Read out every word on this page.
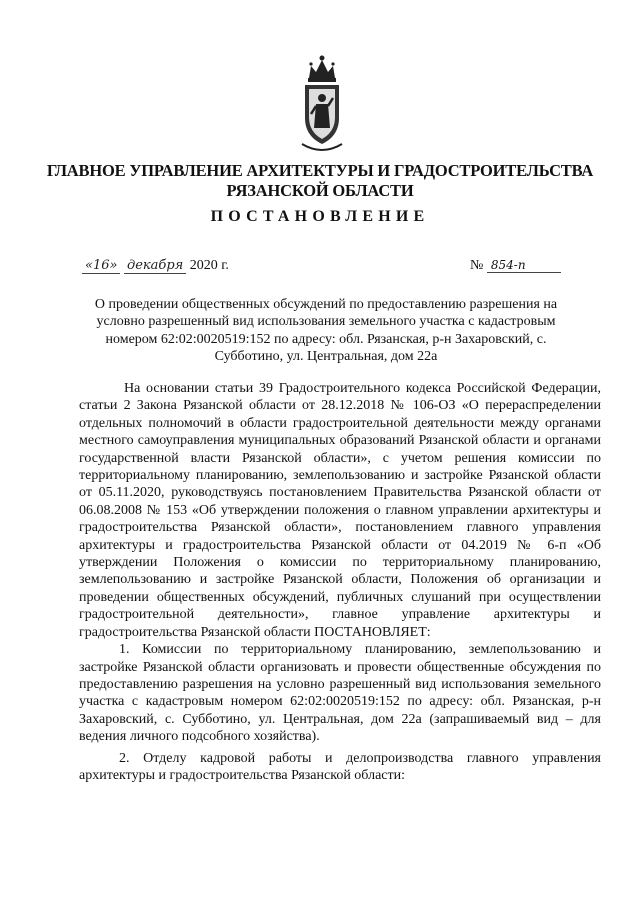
ГЛАВНОЕ УПРАВЛЕНИЕ АРХИТЕКТУРЫ И ГРАДОСТРОИТЕЛЬСТВА
РЯЗАНСКОЙ ОБЛАСТИ
ПОСТАНОВЛЕНИЕ
«16» декабря 2020 г.	№ 854-п
О проведении общественных обсуждений по предоставлению разрешения на условно разрешенный вид использования земельного участка с кадастровым номером 62:02:0020519:152 по адресу: обл. Рязанская, р-н Захаровский, с. Субботино, ул. Центральная, дом 22а

На основании статьи 39 Градостроительного кодекса Российской Федерации, статьи 2 Закона Рязанской области от 28.12.2018 № 106-ОЗ «О перераспределении отдельных полномочий в области градостроительной деятельности между органами местного самоуправления муниципальных образований Рязанской области и органами государственной власти Рязанской области», с учетом решения комиссии по территориальному планированию, землепользованию и застройке Рязанской области от 05.11.2020, руководствуясь постановлением Правительства Рязанской области от 06.08.2008 № 153 «Об утверждении положения о главном управлении архитектуры и градостроительства Рязанской области», постановлением главного управления архитектуры и градостроительства Рязанской области от 04.2019 № 6-п «Об утверждении Положения о комиссии по территориальному планированию, землепользованию и застройке Рязанской области, Положения об организации и проведении общественных обсуждений, публичных слушаний при осуществлении градостроительной деятельности», главное управление архитектуры и градостроительства Рязанской области ПОСТАНОВЛЯЕТ:

1. Комиссии по территориальному планированию, землепользованию и застройке Рязанской области организовать и провести общественные обсуждения по предоставлению разрешения на условно разрешенный вид использования земельного участка с кадастровым номером 62:02:0020519:152 по адресу: обл. Рязанская, р-н Захаровский, с. Субботино, ул. Центральная, дом 22а (запрашиваемый вид – для ведения личного подсобного хозяйства).

2. Отделу кадровой работы и делопроизводства главного управления архитектуры и градостроительства Рязанской области:
